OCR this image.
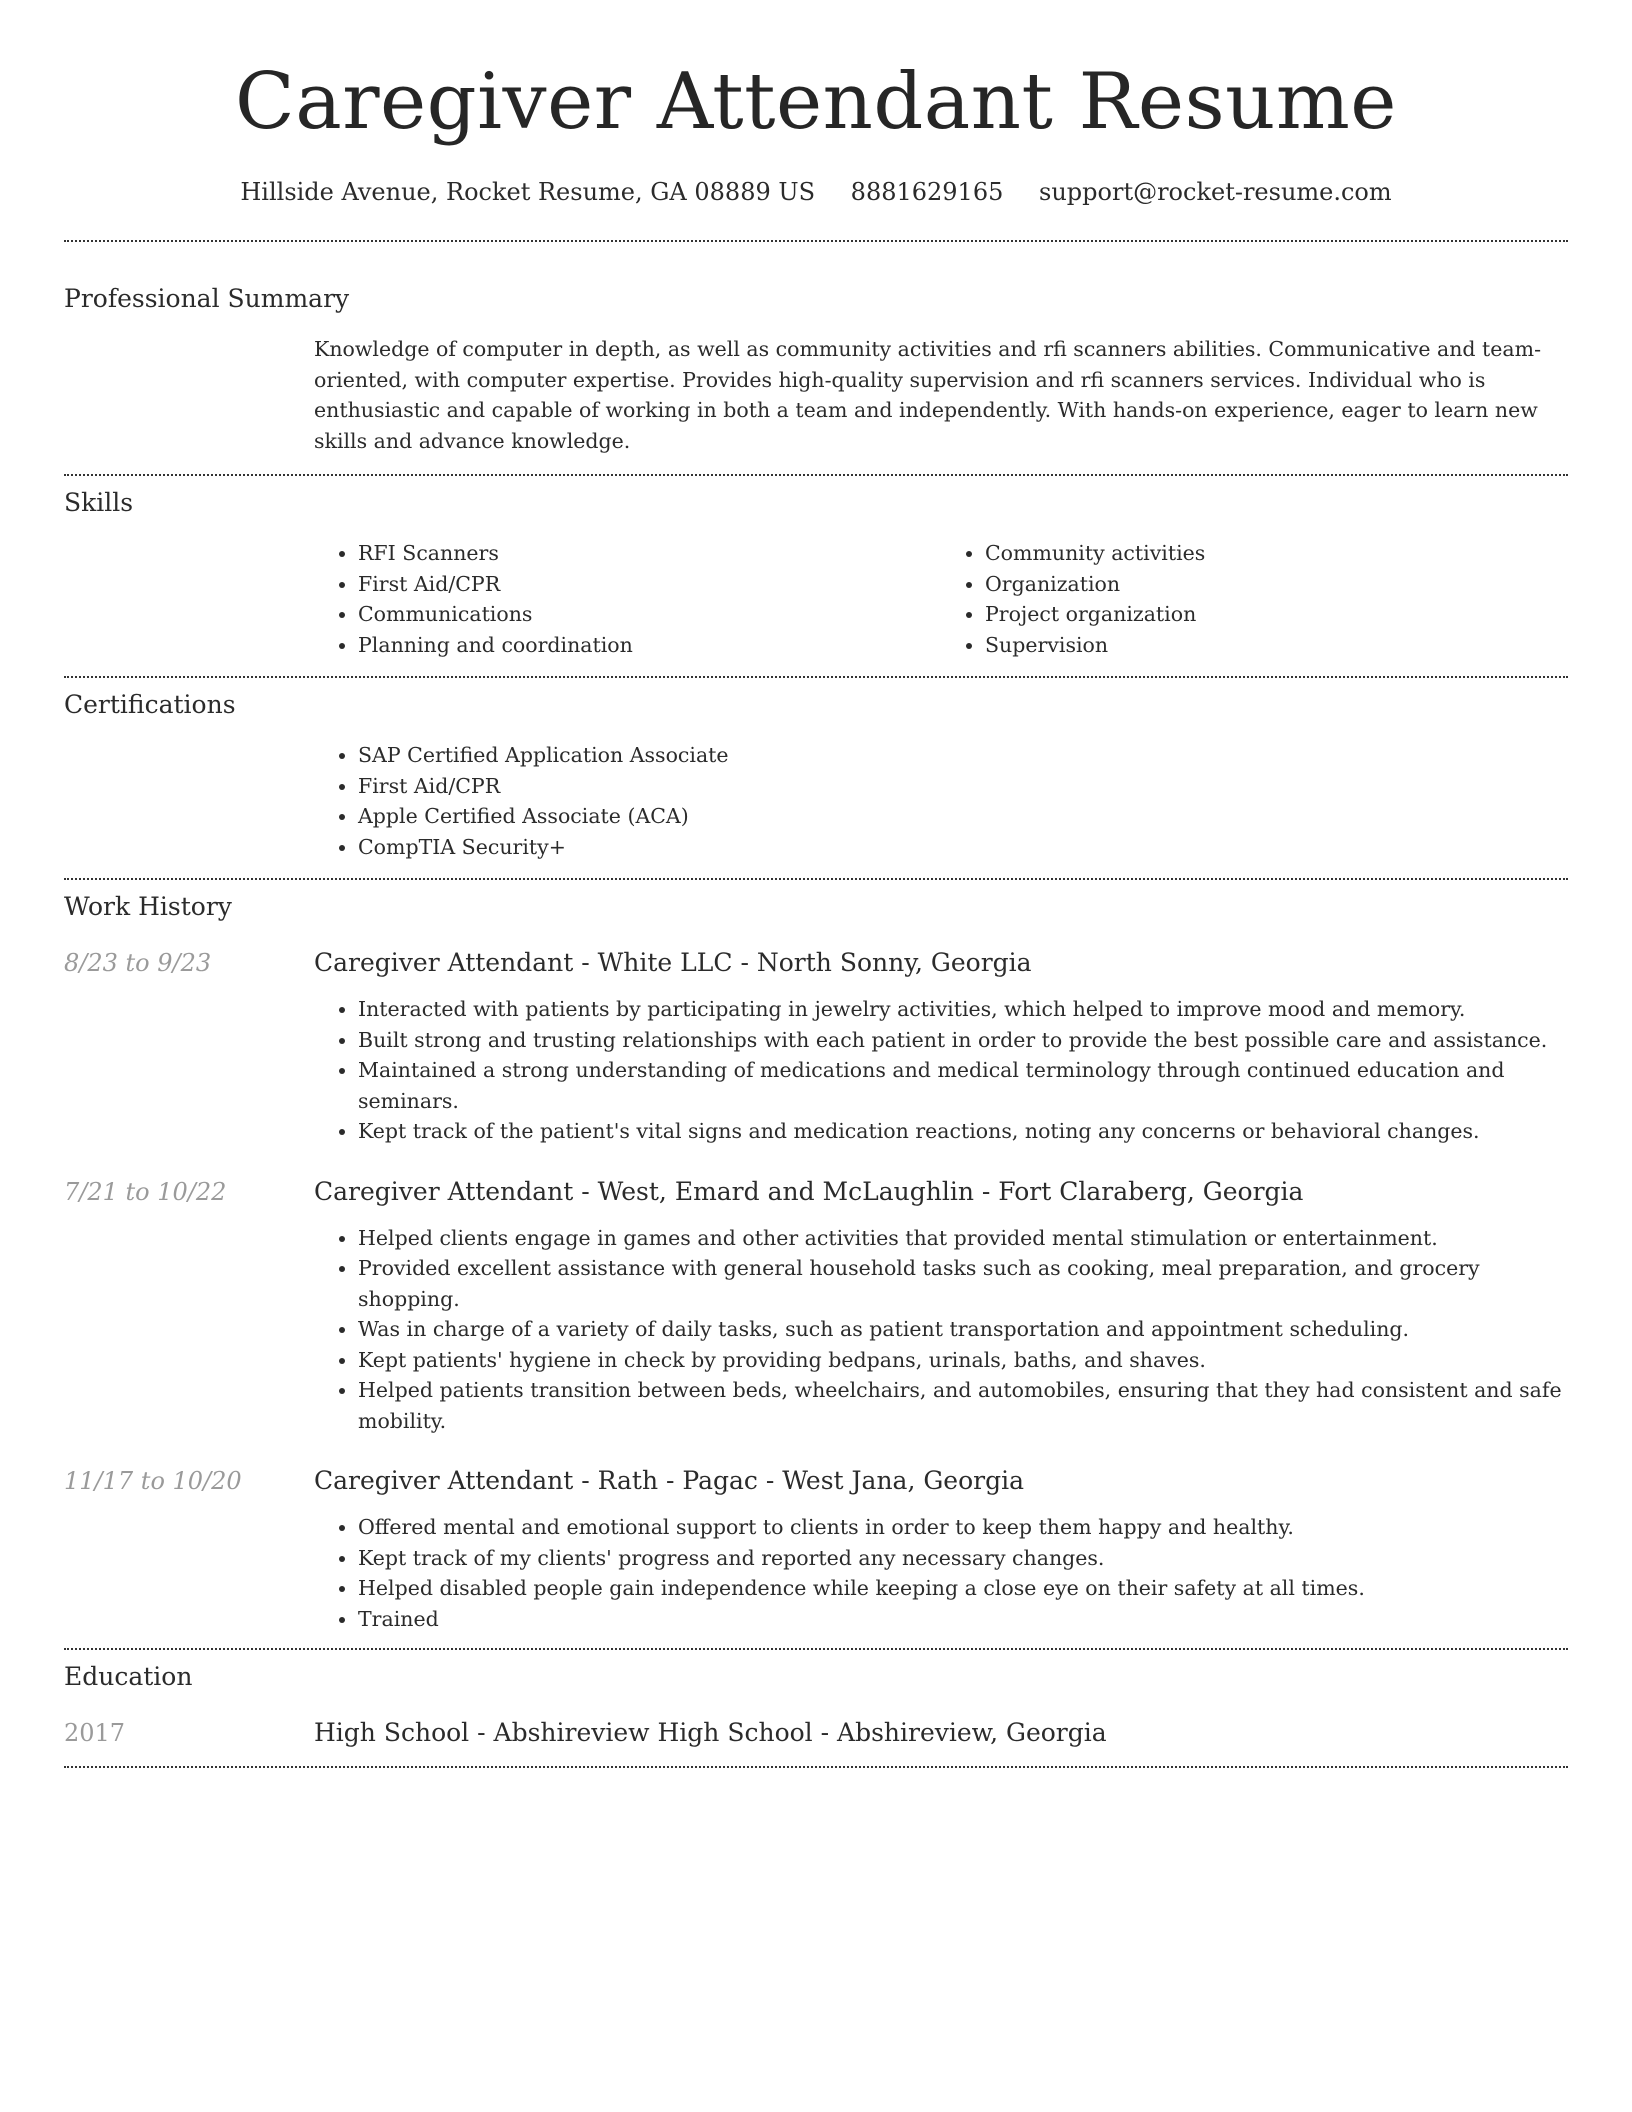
Caregiver Attendant Resume
Hillside Avenue, Rocket Resume, GA 08889 US 8881629165 support@rocket-resume.com
Professional Summary
Knowledge of computer in depth, as well as community activities and rfi scanners abilities. Communicative and team-oriented, with computer expertise. Provides high-quality supervision and rfi scanners services. Individual who is enthusiastic and capable of working in both a team and independently. With hands-on experience, eager to learn new skills and advance knowledge.
Skills
• RFI Scanners
• First Aid/CPR
• Communications
• Planning and coordination
• Community activities
• Organization
• Project organization
• Supervision
Certifications
• SAP Certified Application Associate
• First Aid/CPR
• Apple Certified Associate (ACA)
• CompTIA Security+
Work History
8/23 to 9/23	Caregiver Attendant - White LLC - North Sonny, Georgia
• Interacted with patients by participating in jewelry activities, which helped to improve mood and memory.
• Built strong and trusting relationships with each patient in order to provide the best possible care and assistance.
• Maintained a strong understanding of medications and medical terminology through continued education and seminars.
• Kept track of the patient's vital signs and medication reactions, noting any concerns or behavioral changes.
7/21 to 10/22	Caregiver Attendant - West, Emard and McLaughlin - Fort Claraberg, Georgia
• Helped clients engage in games and other activities that provided mental stimulation or entertainment.
• Provided excellent assistance with general household tasks such as cooking, meal preparation, and grocery shopping.
• Was in charge of a variety of daily tasks, such as patient transportation and appointment scheduling.
• Kept patients' hygiene in check by providing bedpans, urinals, baths, and shaves.
• Helped patients transition between beds, wheelchairs, and automobiles, ensuring that they had consistent and safe mobility.
11/17 to 10/20	Caregiver Attendant - Rath - Pagac - West Jana, Georgia
• Offered mental and emotional support to clients in order to keep them happy and healthy.
• Kept track of my clients' progress and reported any necessary changes.
• Helped disabled people gain independence while keeping a close eye on their safety at all times.
• Trained
Education
2017	High School - Abshireview High School - Abshireview, Georgia
